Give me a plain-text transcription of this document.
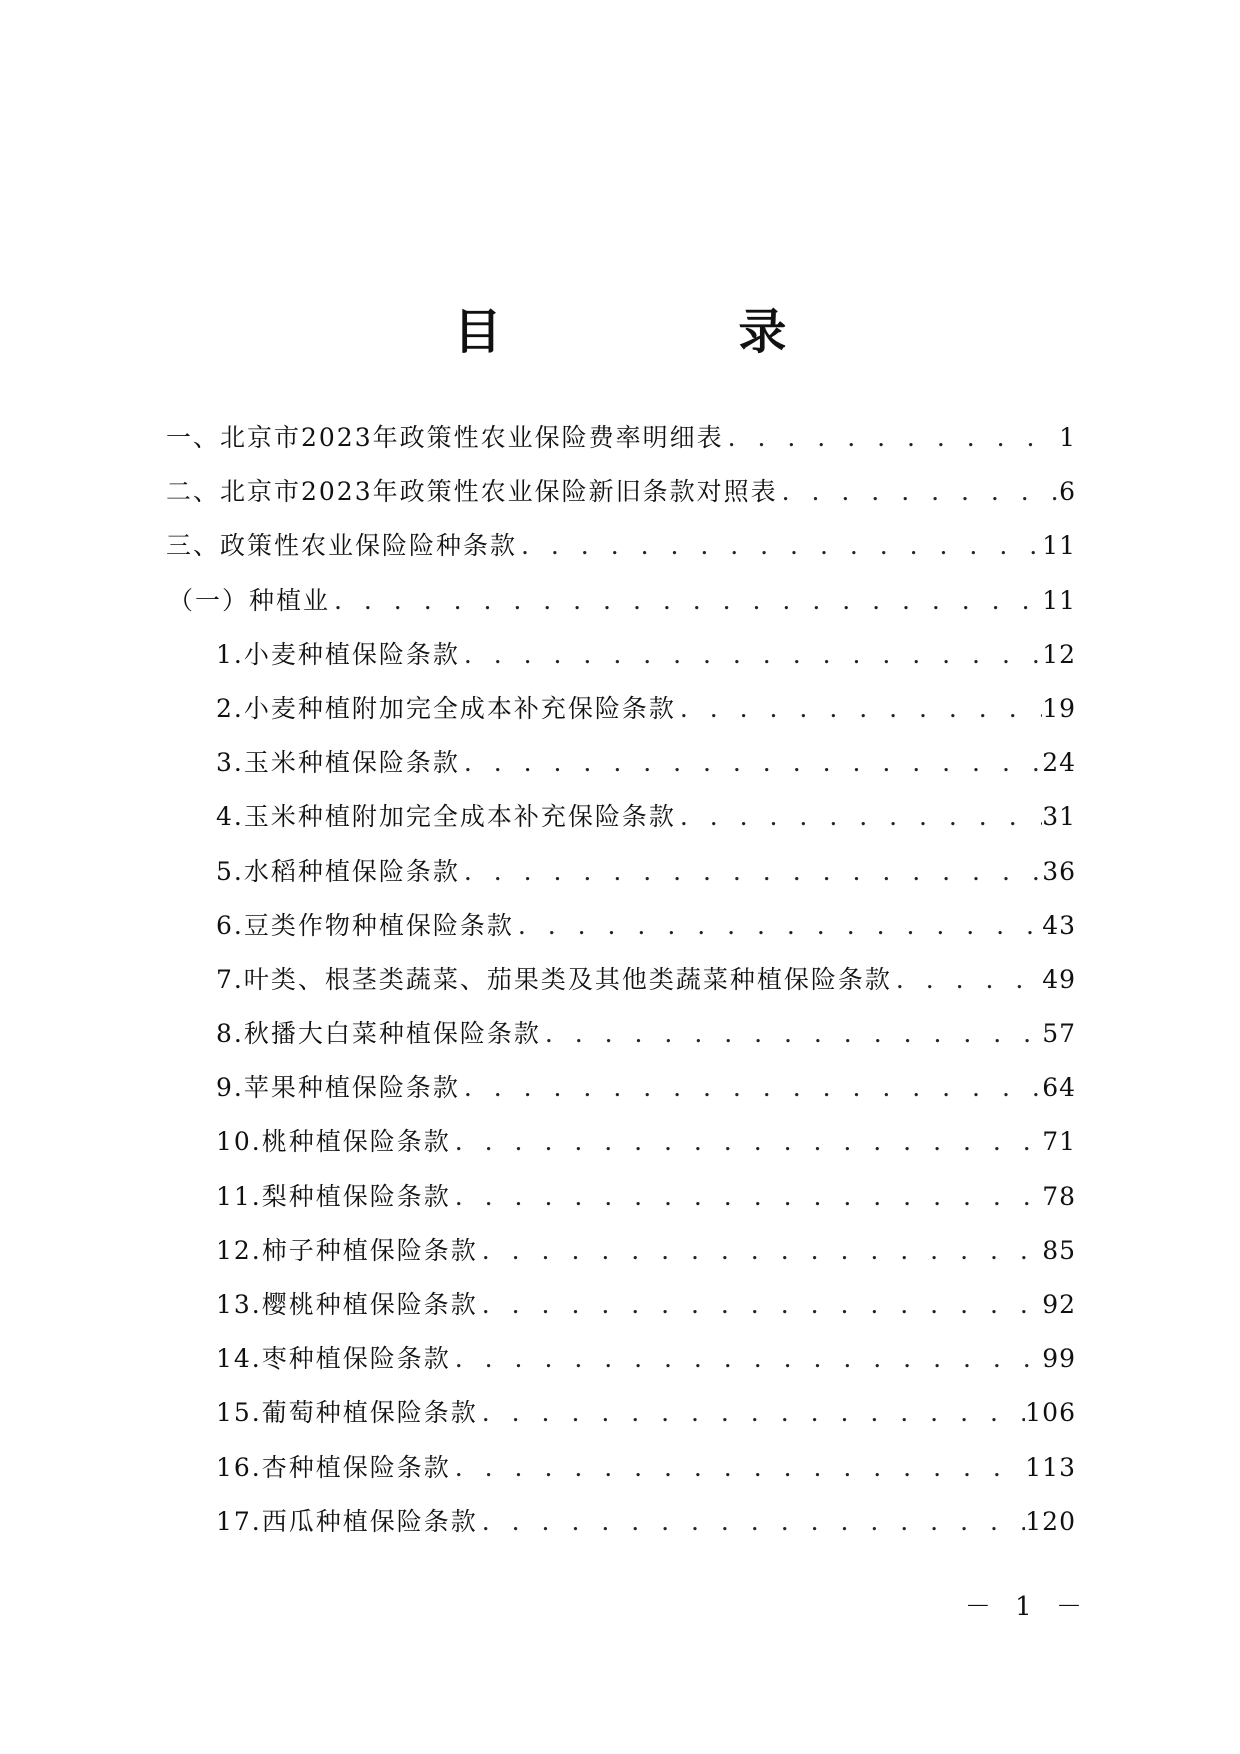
目 录
一、北京市2023年政策性农业保险费率明细表 . . .	1
二、北京市2023年政策性农业保险新旧条款对照表 . . .	6
三、政策性农业保险险种条款 . . .	11
（一）种植业 . . .	11
1.小麦种植保险条款 . . .	12
2.小麦种植附加完全成本补充保险条款 . . .	19
3.玉米种植保险条款 . . .	24
4.玉米种植附加完全成本补充保险条款 . . .	31
5.水稻种植保险条款 . . .	36
6.豆类作物种植保险条款 . . .	43
7.叶类、根茎类蔬菜、茄果类及其他类蔬菜种植保险条款 . . .	49
8.秋播大白菜种植保险条款 . . .	57
9.苹果种植保险条款 . . .	64
10.桃种植保险条款 . . .	71
11.梨种植保险条款 . . .	78
12.柿子种植保险条款 . . .	85
13.樱桃种植保险条款 . . .	92
14.枣种植保险条款 . . .	99
15.葡萄种植保险条款 . . .	106
16.杏种植保险条款 . . .	113
17.西瓜种植保险条款 . . .	120
－ 1 －
